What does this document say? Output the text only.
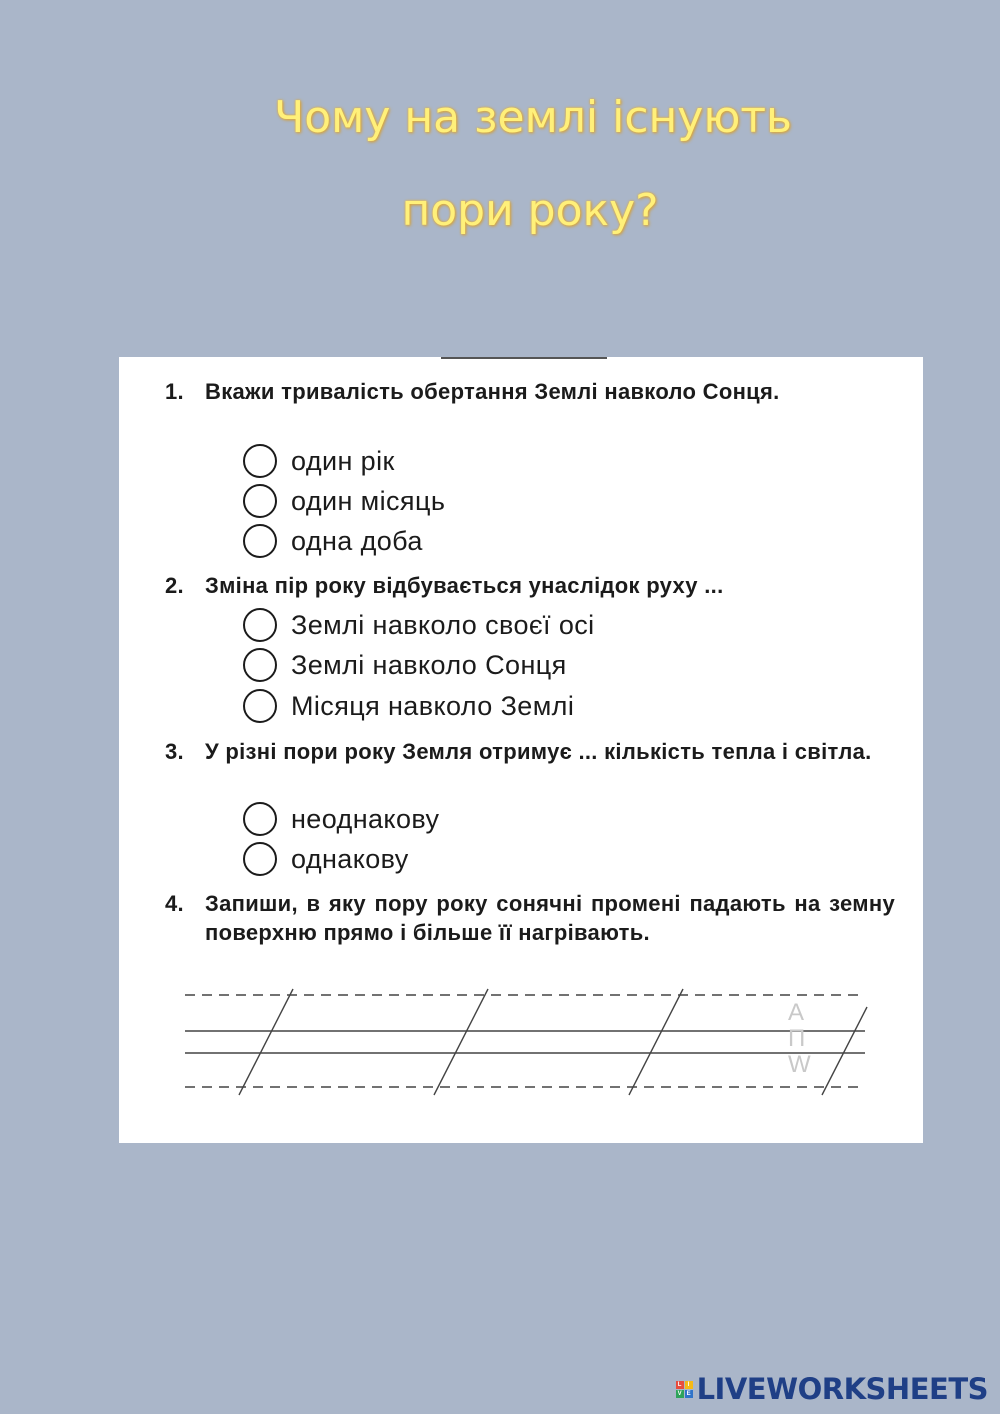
Чому на землі існують
пори року?
1. Вкажи тривалість обертання Землі навколо Сонця.
один рік
один місяць
одна доба
2. Зміна пір року відбувається унаслідок руху ...
Землі навколо своєї осі
Землі навколо Сонця
Місяця навколо Землі
3. У різні пори року Земля отримує ... кількість тепла і світла.
неоднакову
однакову
4. Запиши, в яку пору року сонячні промені падають на земну поверхню прямо і більше її нагрівають.
А
П
W
L	I
V E LIVEWORKSHEETS
